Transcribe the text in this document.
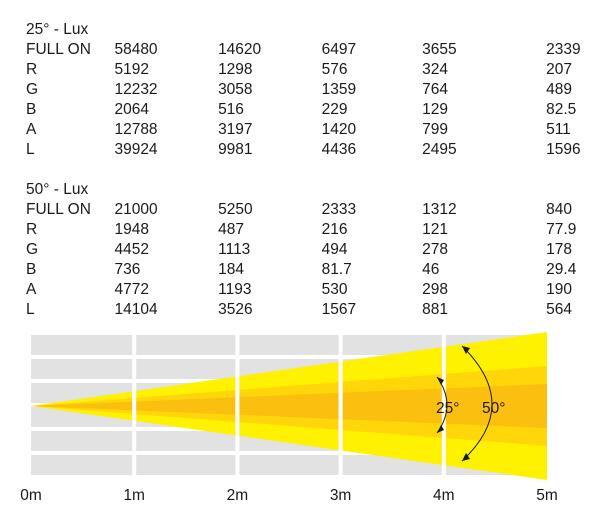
25° - Lux
FULL ON	58480	14620	6497	3655	2339
R	5192	1298	576	324	207
G	12232	3058	1359	764	489
B	2064	516	229	129	82.5
A	12788	3197	1420	799	511
L	39924	9981	4436	2495	1596
50° - Lux
FULL ON	21000	5250	2333	1312	840
R	1948	487	216	121	77.9
G	4452	1113	494	278	178
B	736	184	81.7	46	29.4
A	4772	1193	530	298	190
L	14104	3526	1567	881	564
25° 50°
0m	1m	2m	3m	4m	5m
